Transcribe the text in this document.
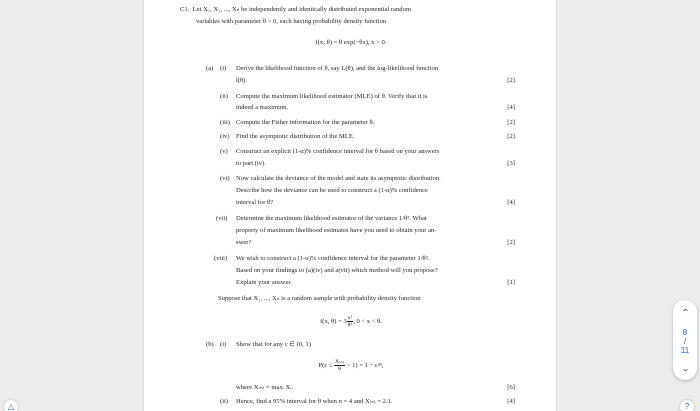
C1. Let X₁, X₂, ..., Xₙ be independently and identically distributed exponential random
variables with parameter θ > 0, each having probability density function
f(x; θ) = θ exp(−θx), x > 0.
(a) (i) Derive the likelihood function of θ, say L(θ), and the log-likelihood function
l(θ).	[2]
(ii) Compute the maximum likelihood estimator (MLE) of θ. Verify that it is
indeed a maximum.	[4]
(iii) Compute the Fisher information for the parameter θ.	[2]
(iv) Find the asymptotic distribution of the MLE.	[2]
(v) Construct an explicit (1-α)% confidence interval for θ based on your answers
to part (iv).	[3]
(vi) Now calculate the deviance of the model and state its asymptotic distribution.
Describe how the deviance can be used to construct a (1-α)% confidence
interval for θ?	[4]
(vii) Determine the maximum likelihood estimator of the variance 1/θ². What
property of maximum likelihood estimates have you used to obtain your an-
swer?	[2]
(viii) We wish to construct a (1-α)% confidence interval for the parameter 1/θ².
Based on your findings to (a)(iv) and a(vii) which method will you propose?
Explain your answer.	[1]
Suppose that X₁, ..., Xₙ is a random sample with probability density function
f(x, $\theta) = 3 \frac{\text{x²}}{\text{θ³}}$ , 0 < x < θ.
(b) (i) Show that for any c ∈ (0, 1)
$P(c \le \frac{\text{X₍ₙ₎}}{\theta} < 1) = 1 - c^{3n}$,
where X₍ₙ₎ = maxᵢ Xᵢ.	[6]
(ii) Hence, find a 95% interval for θ when n = 4 and X₍ₙ₎ = 2.1.	[4]
‹
8
/
11
›
△	?
